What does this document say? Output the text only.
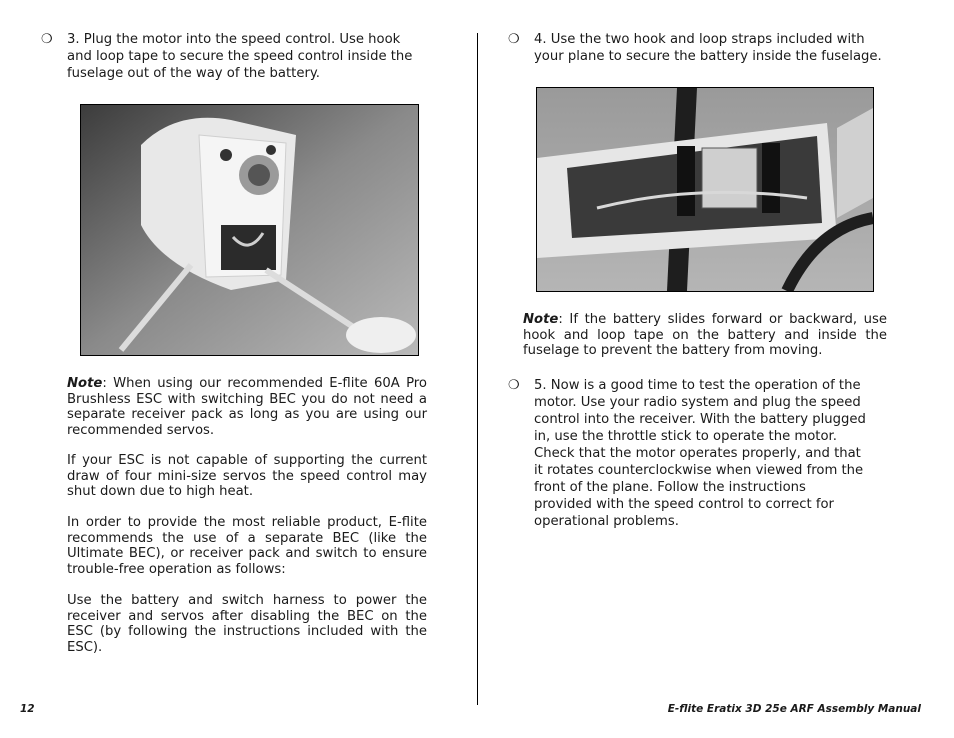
❍ 3. Plug the motor into the speed control. Use hook and loop tape to secure the speed control inside the fuselage out of the way of the battery.
Note: When using our recommended E-flite 60A Pro Brushless ESC with switching BEC you do not need a separate receiver pack as long as you are using our recommended servos.
If your ESC is not capable of supporting the current draw of four mini-size servos the speed control may shut down due to high heat.
In order to provide the most reliable product, E-flite recommends the use of a separate BEC (like the Ultimate BEC), or receiver pack and switch to ensure trouble-free operation as follows:
Use the battery and switch harness to power the receiver and servos after disabling the BEC on the ESC (by following the instructions included with the ESC).
❍ 4. Use the two hook and loop straps included with your plane to secure the battery inside the fuselage.
Note: If the battery slides forward or backward, use hook and loop tape on the battery and inside the fuselage to prevent the battery from moving.
❍ 5. Now is a good time to test the operation of the motor. Use your radio system and plug the speed control into the receiver. With the battery plugged in, use the throttle stick to operate the motor. Check that the motor operates properly, and that it rotates counterclockwise when viewed from the front of the plane. Follow the instructions provided with the speed control to correct for operational problems.
12	E-flite Eratix 3D 25e ARF Assembly Manual
